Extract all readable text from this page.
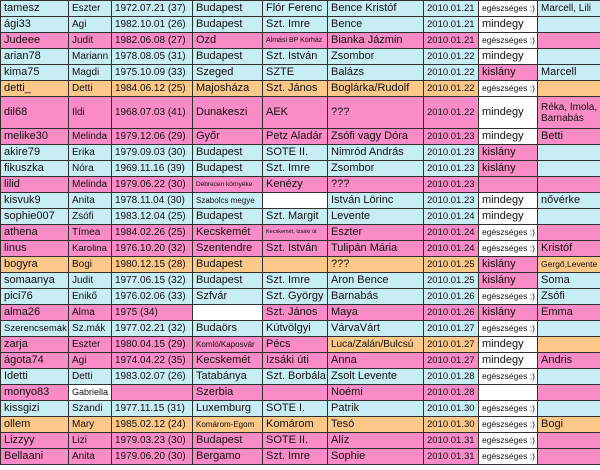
tamesz	Eszter	1972.07.21 (37)	Budapest	Flór Ferenc	Bence Kristóf	2010.01.21	egészséges :)	Marcell, Lili
ági33	Agi	1982.10.01 (26)	Budapest	Szt. Imre	Bence	2010.01.21	mindegy	
Judeee	Judit	1982.06.08 (27)	Ozd	Almási BP Kórház	Bianka Jázmin	2010.01.21	egészséges :)	
arian78	Mariann	1978.08.05 (31)	Budapest	Szt. István	Zsombor	2010.01.22	mindegy	
kima75	Magdi	1975.10.09 (33)	Szeged	SZTE	Balázs	2010.01.22	kislány	Marcell
detti_	Detti	1984.06.12 (25)	Majosháza	Szt. János	Boglárka/Rudolf	2010.01.22	egészséges :)	
dil68	Ildi	1968.07.03 (41)	Dunakeszi	AEK	???	2010.01.22	mindegy	Réka, Imola, Barnabás
melike30	Melinda	1979.12.06 (29)	Győr	Petz Aladár	Zsófi vagy Dóra	2010.01.23	mindegy	Betti
akire79	Erika	1979.09.03 (30)	Budapest	SOTE II.	Nimród András	2010.01.23	kislány	
fikuszka	Nóra	1969.11.16 (39)	Budapest	Szt. Imre	Zsombor	2010.01.23	kislány	
lilid	Melinda	1979.06.22 (30)	Debrecen környéke	Kenézy	???	2010.01.23		
kisvuk9	Anita	1978.11.04 (30)	Szabolcs megye		István Lörinc	2010.01.23	mindegy	nővérke
sophie007	Zsófi	1983.12.04 (25)	Budapest	Szt. Margit	Levente	2010.01.24	mindegy	
athena	Tímea	1984.02.26 (25)	Kecskemét	Kecskemét, Izsáki út	Eszter	2010.01.24	egészséges :)	
linus	Karolina	1976.10.20 (32)	Szentendre	Szt. István	Tulipán Mária	2010.01.24	egészséges :)	Kristóf
bogyra	Bogi	1980.12.15 (28)	Budapest		???	2010.01.25	kislány	Gergő,Levente
somaanya	Judit	1977.06.15 (32)	Budapest	Szt. Imre	Aron Bence	2010.01.25	kislány	Soma
pici76	Enikő	1976.02.06 (33)	Szfvár	Szt. György	Barnabás	2010.01.26	egészséges :)	Zsófi
alma26	Alma	1975 (34)		Szt. János	Maya	2010.01.26	kislány	Emma
Szerencsemák	Sz.mák	1977.02.21 (32)	Budaörs	Kútvölgyi	VárvaVárt	2010.01.27	egészséges :)	
zarja	Eszter	1980.04.15 (29)	Komló/Kaposvár	Pécs	Luca/Zalán/Bulcsú	2010.01.27	mindegy	
ágota74	Agi	1974.04.22 (35)	Kecskemét	Izsáki úti	Anna	2010.01.27	mindegy	Andris
Idetti	Detti	1983.02.07 (26)	Tatabánya	Szt. Borbála	Zsolt Levente	2010.01.28	egészséges :)	
monyo83	Gabriella		Szerbia		Noémi	2010.01.28		
kissgizi	Szandi	1977.11.15 (31)	Luxemburg	SOTE I.	Patrik	2010.01.30	egészséges :)	
ollem	Mary	1985.02.12 (24)	Komárom-Egom	Komárom	Tesó	2010.01.30	egészséges :)	Bogi
Lizzyy	Lizi	1979.03.23 (30)	Budapest	SOTE II.	Alíz	2010.01.31	egészséges :)	
Bellaani	Anita	1979.06.20 (30)	Bergamo	Szt. Imre	Sophie	2010.01.31	egészséges :)	
